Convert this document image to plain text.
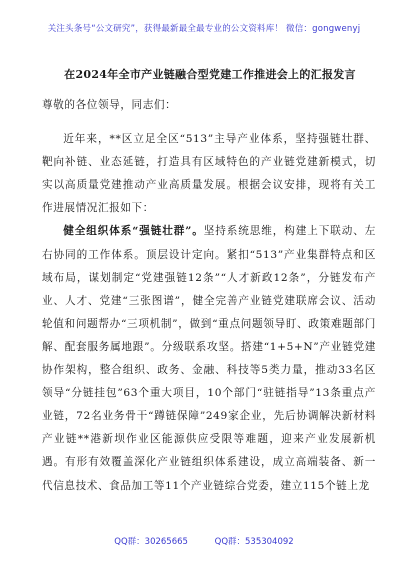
关注头条号“公文研究”，获得最新最全最专业的公文资料库！ 微信：gongwenyj
在2024年全市产业链融合型党建工作推进会上的汇报发言

尊敬的各位领导，同志们：

近年来，**区立足全区“513”主导产业体系，坚持强链壮群、靶向补链、业态延链，打造具有区域特色的产业链党建新模式，切实以高质量党建推动产业高质量发展。根据会议安排，现将有关工作进展情况汇报如下：

健全组织体系“强链壮群”。坚持系统思维，构建上下联动、左右协同的工作体系。顶层设计定向。紧扣“513”产业集群特点和区域布局，谋划制定“党建强链12条”“人才新政12条”，分链发布产业、人才、党建“三张图谱”，健全完善产业链党建联席会议、活动轮值和问题帮办“三项机制”，做到“重点问题领导盯、政策难题部门解、配套服务属地跟”。分级联系攻坚。搭建“1+5+N”产业链党建协作架构，整合组织、政务、金融、科技等5类力量，推动33名区领导“分链挂包”63个重大项目，10个部门“驻链指导”13条重点产业链，72名业务骨干“蹲链保障”249家企业，先后协调解决新材料产业链**港新坝作业区能源供应受限等难题，迎来产业发展新机遇。有形有效覆盖深化产业链组织体系建设，成立高端装备、新一代信息技术、食品加工等11个产业链综合党委，建立115个链上龙

QQ群：30265665	QQ群：535304092
